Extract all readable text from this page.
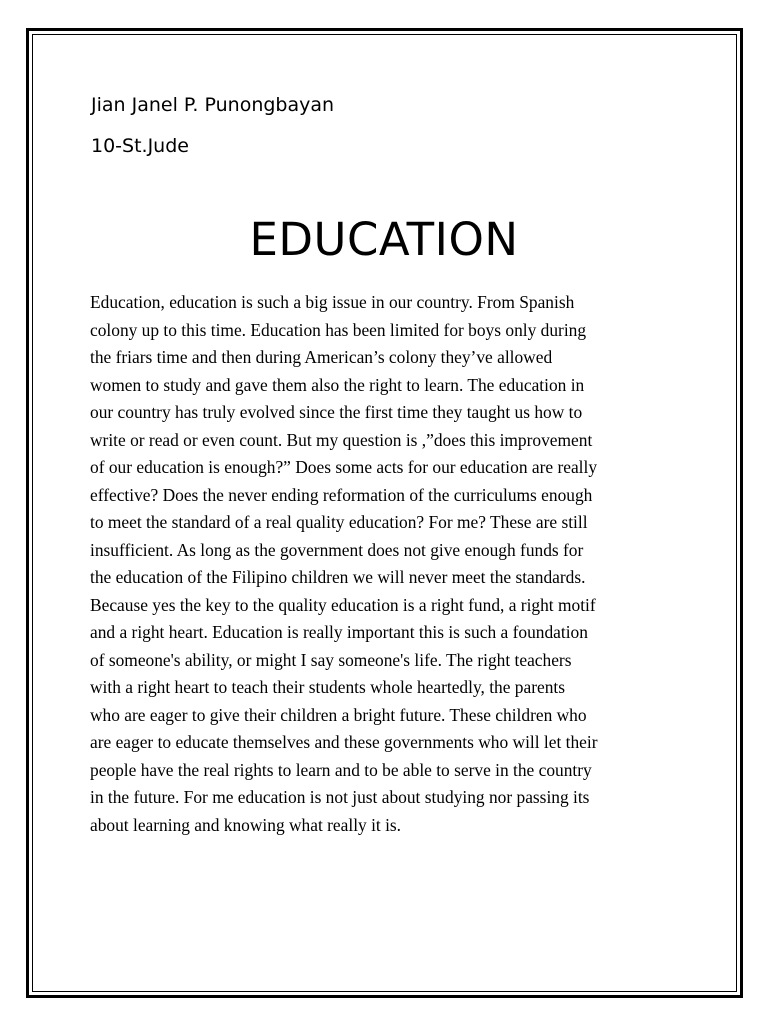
Jian Janel P. Punongbayan
10-St.Jude
EDUCATION
Education, education is such a big issue in our country. From Spanish
colony up to this time. Education has been limited for boys only during
the friars time and then during American’s colony they’ve allowed
women to study and gave them also the right to learn. The education in
our country has truly evolved since the first time they taught us how to
write or read or even count. But my question is ,”does this improvement
of our education is enough?” Does some acts for our education are really
effective? Does the never ending reformation of the curriculums enough
to meet the standard of a real quality education? For me? These are still
insufficient. As long as the government does not give enough funds for
the education of the Filipino children we will never meet the standards.
Because yes the key to the quality education is a right fund, a right motif
and a right heart. Education is really important this is such a foundation
of someone's ability, or might I say someone's life. The right teachers
with a right heart to teach their students whole heartedly, the parents
who are eager to give their children a bright future. These children who
are eager to educate themselves and these governments who will let their
people have the real rights to learn and to be able to serve in the country
in the future. For me education is not just about studying nor passing its
about learning and knowing what really it is.
